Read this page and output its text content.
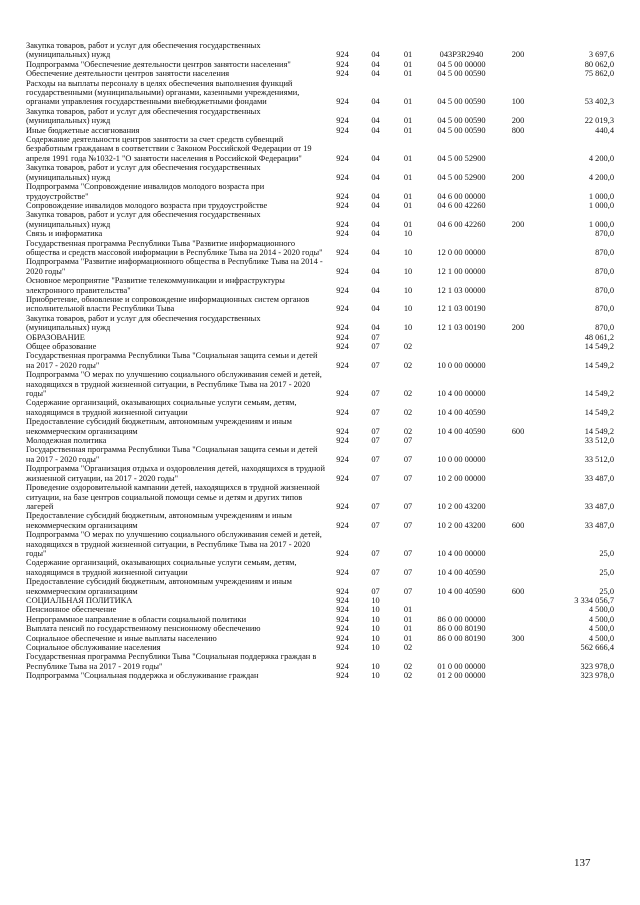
Закупка товаров, работ и услуг для обеспечения государственных (муниципальных) нужд	924	04	01	043P3R2940	200	3 697,6
Подпрограмма "Обеспечение деятельности центров занятости населения"	924	04	01	04 5 00 00000		80 062,0
Обеспечение деятельности центров занятости населения	924	04	01	04 5 00 00590		75 862,0
Расходы на выплаты персоналу в целях обеспечения выполнения функций государственными (муниципальными) органами, казенными учреждениями, органами управления государственными внебюджетными фондами	924	04	01	04 5 00 00590	100	53 402,3
Закупка товаров, работ и услуг для обеспечения государственных (муниципальных) нужд	924	04	01	04 5 00 00590	200	22 019,3
Иные бюджетные ассигнования	924	04	01	04 5 00 00590	800	440,4
Содержание деятельности центров занятости за счет средств субвенций безработным гражданам в соответствии с Законом Российской Федерации от 19 апреля 1991 года №1032-1 "О занятости населения в Российской Федерации"	924	04	01	04 5 00 52900		4 200,0
Закупка товаров, работ и услуг для обеспечения государственных (муниципальных) нужд	924	04	01	04 5 00 52900	200	4 200,0
Подпрограмма "Сопровождение инвалидов молодого возраста при трудоустройстве"	924	04	01	04 6 00 00000		1 000,0
Сопровождение инвалидов молодого возраста при трудоустройстве	924	04	01	04 6 00 42260		1 000,0
Закупка товаров, работ и услуг для обеспечения государственных (муниципальных) нужд	924	04	01	04 6 00 42260	200	1 000,0
Связь и информатика	924	04	10			870,0
Государственная программа Республики Тыва "Развитие информационного общества и средств массовой информации в Республике Тыва на 2014 - 2020 годы"	924	04	10	12 0 00 00000		870,0
Подпрограмма "Развитие информационного общества в Республике Тыва на 2014 - 2020 годы"	924	04	10	12 1 00 00000		870,0
Основное мероприятие "Развитие телекоммуникации и инфраструктуры электронного правительства"	924	04	10	12 1 03 00000		870,0
Приобретение, обновление и сопровождение информационных систем органов исполнительной власти Республики Тыва	924	04	10	12 1 03 00190		870,0
Закупка товаров, работ и услуг для обеспечения государственных (муниципальных) нужд	924	04	10	12 1 03 00190	200	870,0
ОБРАЗОВАНИЕ	924	07				48 061,2
Общее образование	924	07	02			14 549,2
Государственная программа Республики Тыва "Социальная защита семьи и детей на 2017 - 2020 годы"	924	07	02	10 0 00 00000		14 549,2
Подпрограмма "О мерах по улучшению социального обслуживания семей и детей, находящихся в трудной жизненной ситуации, в Республике Тыва на 2017 - 2020 годы"	924	07	02	10 4 00 00000		14 549,2
Содержание организаций, оказывающих социальные услуги семьям, детям, находящимся в трудной жизненной ситуации	924	07	02	10 4 00 40590		14 549,2
Предоставление субсидий бюджетным, автономным учреждениям и иным некоммерческим организациям	924	07	02	10 4 00 40590	600	14 549,2
Молодежная политика	924	07	07			33 512,0
Государственная программа Республики Тыва "Социальная защита семьи и детей на 2017 - 2020 годы"	924	07	07	10 0 00 00000		33 512,0
Подпрограмма "Организация отдыха и оздоровления детей, находящихся в трудной жизненной ситуации, на 2017 - 2020 годы"	924	07	07	10 2 00 00000		33 487,0
Проведение оздоровительной кампании детей, находящихся в трудной жизненной ситуации, на базе центров социальной помощи семье и детям и других типов лагерей	924	07	07	10 2 00 43200		33 487,0
Предоставление субсидий бюджетным, автономным учреждениям и иным некоммерческим организациям	924	07	07	10 2 00 43200	600	33 487,0
Подпрограмма "О мерах по улучшению социального обслуживания семей и детей, находящихся в трудной жизненной ситуации, в Республике Тыва на 2017 - 2020 годы"	924	07	07	10 4 00 00000		25,0
Содержание организаций, оказывающих социальные услуги семьям, детям, находящимся в трудной жизненной ситуации	924	07	07	10 4 00 40590		25,0
Предоставление субсидий бюджетным, автономным учреждениям и иным некоммерческим организациям	924	07	07	10 4 00 40590	600	25,0
СОЦИАЛЬНАЯ ПОЛИТИКА	924	10				3 334 056,7
Пенсионное обеспечение	924	10	01			4 500,0
Непрограммное направление в области социальной политики	924	10	01	86 0 00 00000		4 500,0
Выплата пенсий по государственному пенсионному обеспечению	924	10	01	86 0 00 80190		4 500,0
Социальное обеспечение и иные выплаты населению	924	10	01	86 0 00 80190	300	4 500,0
Социальное обслуживание населения	924	10	02			562 666,4
Государственная программа Республики Тыва "Социальная поддержка граждан в Республике Тыва на 2017 - 2019 годы"	924	10	02	01 0 00 00000		323 978,0
Подпрограмма "Социальная поддержка и обслуживание граждан	924	10	02	01 2 00 00000		323 978,0
137
